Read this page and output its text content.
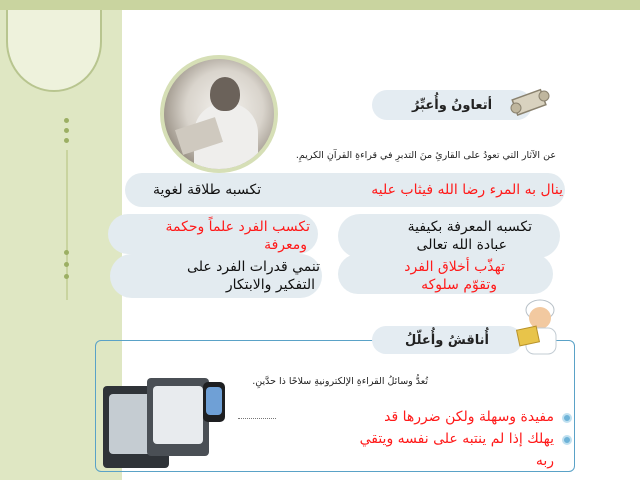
أتعاونُ وأُعبِّرُ
عن الآثار التي تعودُ على القارئِ منَ التدبرِ في قراءةِ القرآنِ الكريمِ.
ينال به المرء رضا الله فيثاب عليه
تكسبه طلاقة لغوية
تكسبه المعرفة بكيفية
عبادة الله تعالى
تكسب الفرد علماً وحكمة
ومعرفة
تهذّب أخلاق الفرد
وتقوّم سلوكه
تنمي قدرات الفرد على
التفكير والابتكار
أُناقشُ وأُعلّلُ
تُعدُّ وسائلُ القراءةِ الإلكترونيةِ سلاحًا ذا حدَّينِ.
مفيدة وسهلة ولكن ضررها قد
يهلك إذا لم ينتبه على نفسه ويتقي
ربه
